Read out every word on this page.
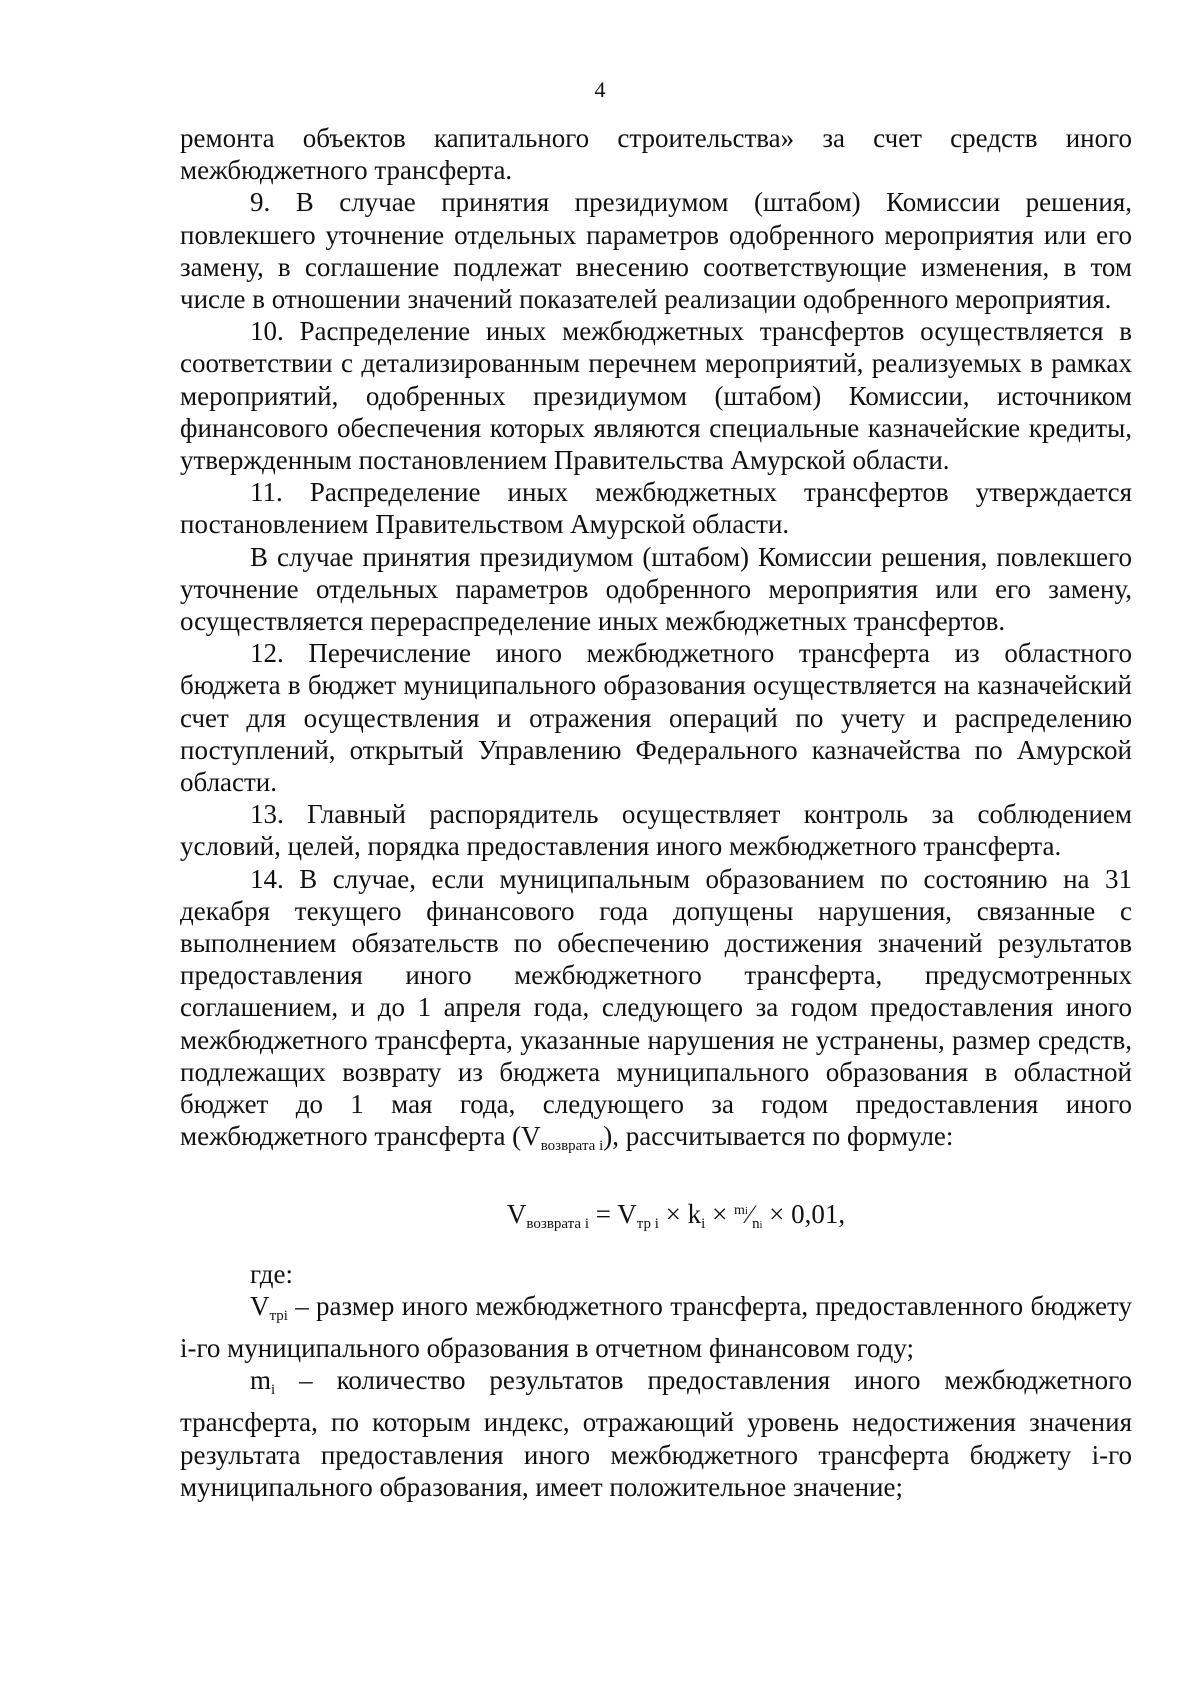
4

ремонта объектов капитального строительства» за счет средств иного межбюджетного трансферта.

9. В случае принятия президиумом (штабом) Комиссии решения, повлекшего уточнение отдельных параметров одобренного мероприятия или его замену, в соглашение подлежат внесению соответствующие изменения, в том числе в отношении значений показателей реализации одобренного мероприятия.

10. Распределение иных межбюджетных трансфертов осуществляется в соответствии с детализированным перечнем мероприятий, реализуемых в рамках мероприятий, одобренных президиумом (штабом) Комиссии, источником финансового обеспечения которых являются специальные казначейские кредиты, утвержденным постановлением Правительства Амурской области.

11. Распределение иных межбюджетных трансфертов утверждается постановлением Правительством Амурской области.

В случае принятия президиумом (штабом) Комиссии решения, повлекшего уточнение отдельных параметров одобренного мероприятия или его замену, осуществляется перераспределение иных межбюджетных трансфертов.

12. Перечисление иного межбюджетного трансферта из областного бюджета в бюджет муниципального образования осуществляется на казначейский счет для осуществления и отражения операций по учету и распределению поступлений, открытый Управлению Федерального казначейства по Амурской области.

13. Главный распорядитель осуществляет контроль за соблюдением условий, целей, порядка предоставления иного межбюджетного трансферта.

14. В случае, если муниципальным образованием по состоянию на 31 декабря текущего финансового года допущены нарушения, связанные с выполнением обязательств по обеспечению достижения значений результатов предоставления иного межбюджетного трансферта, предусмотренных соглашением, и до 1 апреля года, следующего за годом предоставления иного межбюджетного трансферта, указанные нарушения не устранены, размер средств, подлежащих возврату из бюджета муниципального образования в областной бюджет до 1 мая года, следующего за годом предоставления иного межбюджетного трансферта $(V_{возврата i})$, рассчитывается по формуле:

$V_{возврата i} = V_{тр i} \times k_i$ × $^{mi}⁄_{ni} \times 0,01$,

где:

$V_{трi}$ – размер иного межбюджетного трансферта, предоставленного бюджету i-го муниципального образования в отчетном финансовом году;

$m_i$ – количество результатов предоставления иного межбюджетного трансферта, по которым индекс, отражающий уровень недостижения значения результата предоставления иного межбюджетного трансферта бюджету i-го муниципального образования, имеет положительное значение;
